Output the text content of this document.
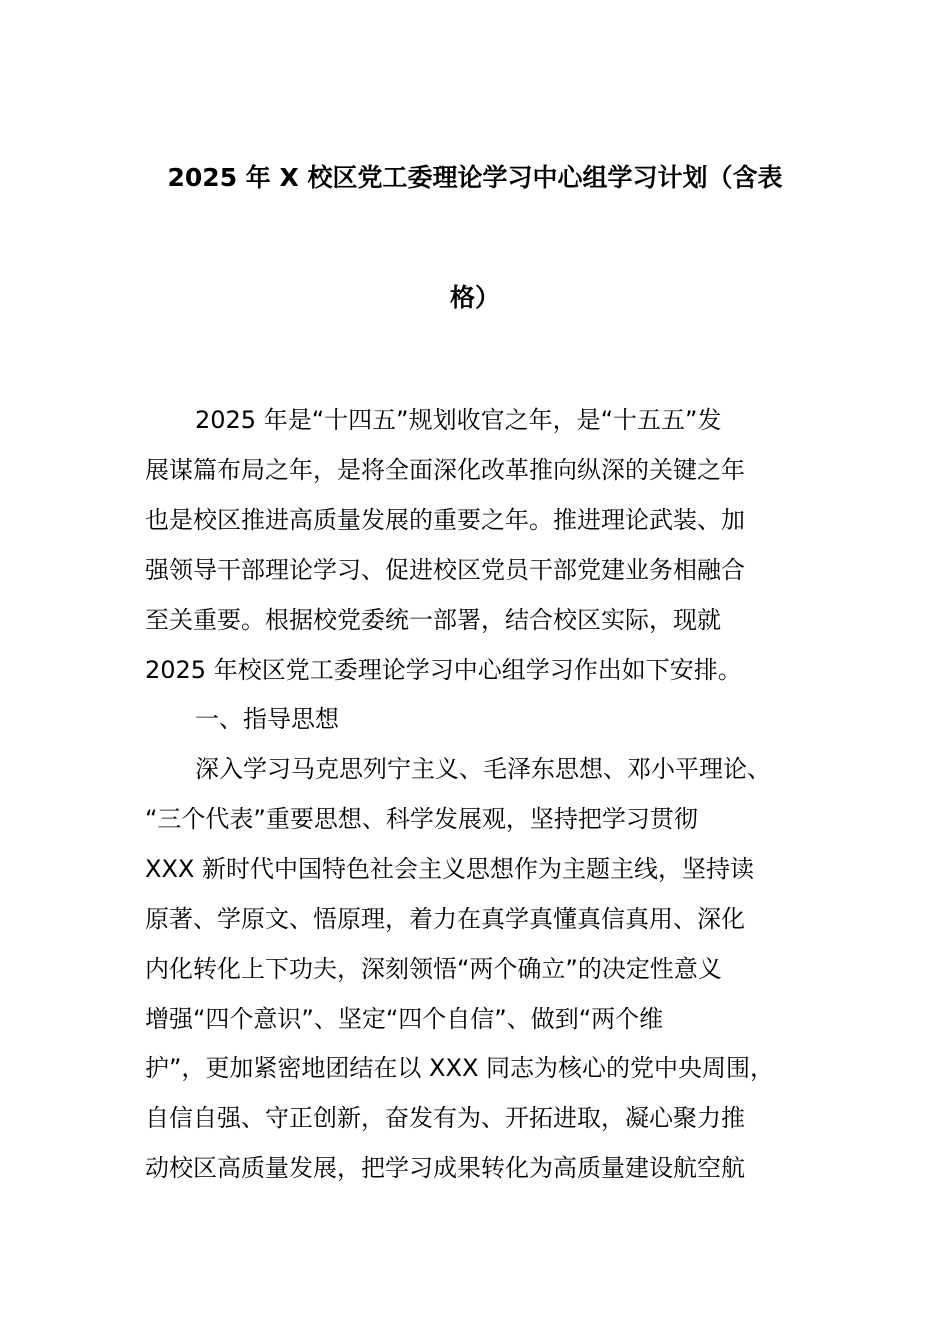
2025 年 X 校区党工委理论学习中心组学习计划（含表
格）
2025 年是“十四五”规划收官之年，是“十五五”发
展谋篇布局之年，是将全面深化改革推向纵深的关键之年
也是校区推进高质量发展的重要之年。推进理论武装、加
强领导干部理论学习、促进校区党员干部党建业务相融合
至关重要。根据校党委统一部署，结合校区实际，现就
2025 年校区党工委理论学习中心组学习作出如下安排。
一、指导思想
深入学习马克思列宁主义、毛泽东思想、邓小平理论、
“三个代表”重要思想、科学发展观，坚持把学习贯彻
XXX 新时代中国特色社会主义思想作为主题主线，坚持读
原著、学原文、悟原理，着力在真学真懂真信真用、深化
内化转化上下功夫，深刻领悟“两个确立”的决定性意义
增强“四个意识”、坚定“四个自信”、做到“两个维
护”，更加紧密地团结在以 XXX 同志为核心的党中央周围，
自信自强、守正创新，奋发有为、开拓进取，凝心聚力推
动校区高质量发展，把学习成果转化为高质量建设航空航
